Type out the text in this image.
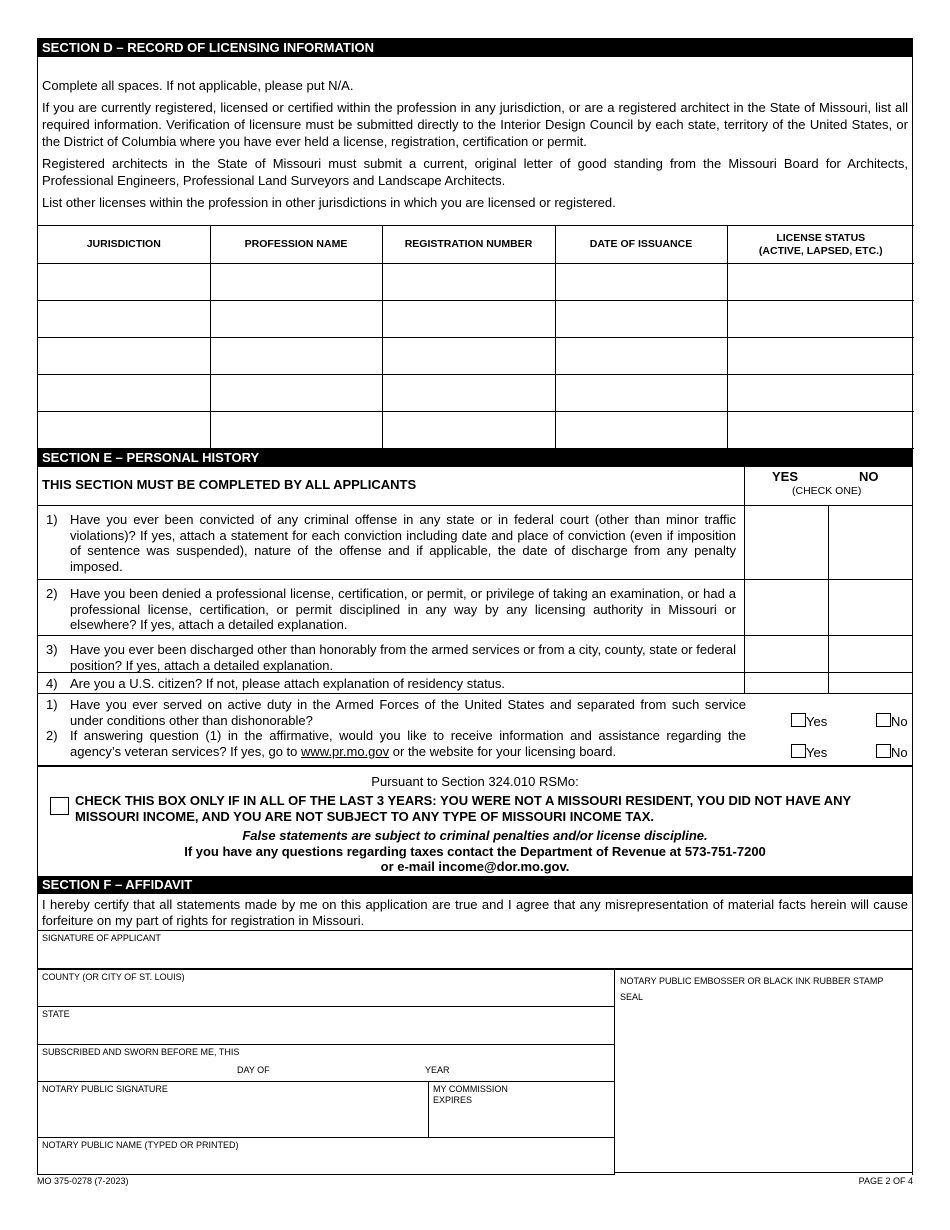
SECTION D – RECORD OF LICENSING INFORMATION

Complete all spaces. If not applicable, please put N/A.

If you are currently registered, licensed or certified within the profession in any jurisdiction, or are a registered architect in the State of Missouri, list all required information. Verification of licensure must be submitted directly to the Interior Design Council by each state, territory of the United States, or the District of Columbia where you have ever held a license, registration, certification or permit.

Registered architects in the State of Missouri must submit a current, original letter of good standing from the Missouri Board for Architects, Professional Engineers, Professional Land Surveyors and Landscape Architects.

List other licenses within the profession in other jurisdictions in which you are licensed or registered.

JURISDICTION	PROFESSION NAME	REGISTRATION NUMBER	DATE OF ISSUANCE	LICENSE STATUS
(ACTIVE, LAPSED, ETC.)

SECTION E – PERSONAL HISTORY
THIS SECTION MUST BE COMPLETED BY ALL APPLICANTS
YES	NO
(CHECK ONE)
1) Have you ever been convicted of any criminal offense in any state or in federal court (other than minor traffic violations)? If yes, attach a statement for each conviction including date and place of conviction (even if imposition of sentence was suspended), nature of the offense and if applicable, the date of discharge from any penalty imposed.
2) Have you been denied a professional license, certification, or permit, or privilege of taking an examination, or had a professional license, certification, or permit disciplined in any way by any licensing authority in Missouri or elsewhere? If yes, attach a detailed explanation.
3) Have you ever been discharged other than honorably from the armed services or from a city, county, state or federal position? If yes, attach a detailed explanation.
4) Are you a U.S. citizen? If not, please attach explanation of residency status.
1) Have you ever served on active duty in the Armed Forces of the United States and separated from such service under conditions other than dishonorable?
2) If answering question (1) in the affirmative, would you like to receive information and assistance regarding the agency’s veteran services? If yes, go to www.pr.mo.gov or the website for your licensing board.
Yes	No
Yes	No
Pursuant to Section 324.010 RSMo:
CHECK THIS BOX ONLY IF IN ALL OF THE LAST 3 YEARS: YOU WERE NOT A MISSOURI RESIDENT, YOU DID NOT HAVE ANY MISSOURI INCOME, AND YOU ARE NOT SUBJECT TO ANY TYPE OF MISSOURI INCOME TAX.
False statements are subject to criminal penalties and/or license discipline.
If you have any questions regarding taxes contact the Department of Revenue at 573-751-7200
or e-mail income@dor.mo.gov.
SECTION F – AFFIDAVIT
I hereby certify that all statements made by me on this application are true and I agree that any misrepresentation of material facts herein will cause forfeiture on my part of rights for registration in Missouri.
SIGNATURE OF APPLICANT
COUNTY (OR CITY OF ST. LOUIS)
STATE
SUBSCRIBED AND SWORN BEFORE ME, THIS
DAY OF	YEAR
NOTARY PUBLIC SIGNATURE	MY COMMISSION
EXPIRES
NOTARY PUBLIC NAME (TYPED OR PRINTED)
NOTARY PUBLIC EMBOSSER OR BLACK INK RUBBER STAMP
SEAL
MO 375-0278 (7-2023)	PAGE 2 OF 4
